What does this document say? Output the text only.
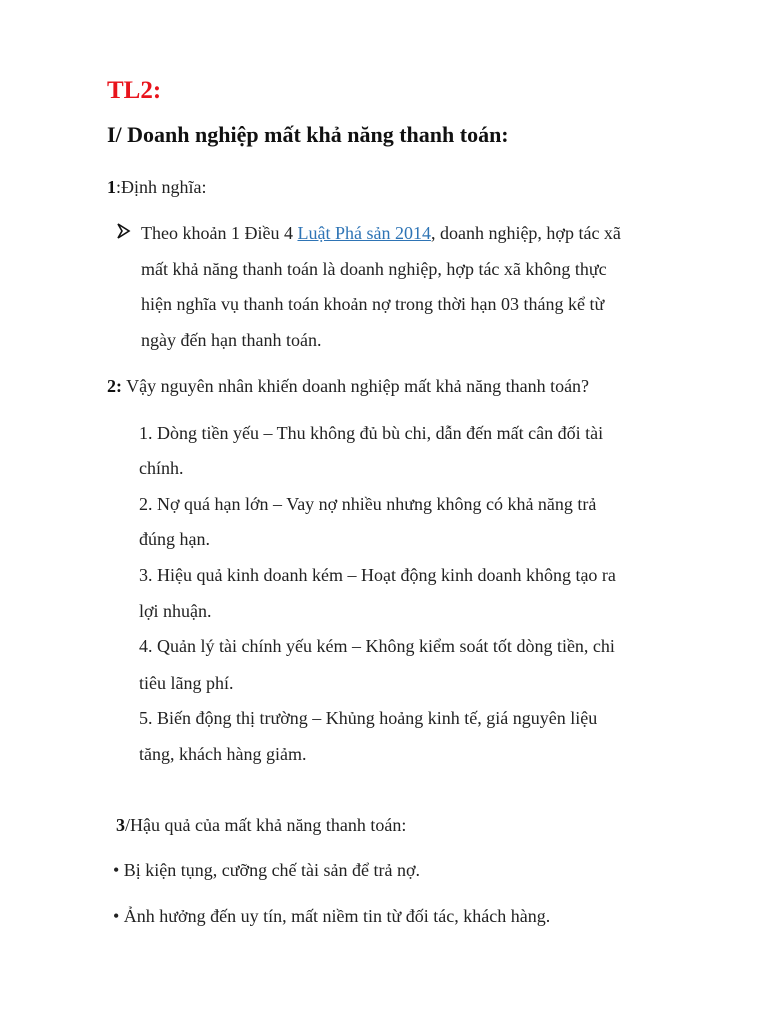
TL2:
I/ Doanh nghiệp mất khả năng thanh toán:
1:Định nghĩa:
Theo khoản 1 Điều 4 Luật Phá sản 2014, doanh nghiệp, hợp tác xã
mất khả năng thanh toán là doanh nghiệp, hợp tác xã không thực
hiện nghĩa vụ thanh toán khoản nợ trong thời hạn 03 tháng kể từ
ngày đến hạn thanh toán.
2: Vậy nguyên nhân khiến doanh nghiệp mất khả năng thanh toán?
1. Dòng tiền yếu – Thu không đủ bù chi, dẫn đến mất cân đối tài
chính.
2. Nợ quá hạn lớn – Vay nợ nhiều nhưng không có khả năng trả
đúng hạn.
3. Hiệu quả kinh doanh kém – Hoạt động kinh doanh không tạo ra
lợi nhuận.
4. Quản lý tài chính yếu kém – Không kiểm soát tốt dòng tiền, chi
tiêu lãng phí.
5. Biến động thị trường – Khủng hoảng kinh tế, giá nguyên liệu
tăng, khách hàng giảm.
3/Hậu quả của mất khả năng thanh toán:
• Bị kiện tụng, cưỡng chế tài sản để trả nợ.
• Ảnh hưởng đến uy tín, mất niềm tin từ đối tác, khách hàng.
